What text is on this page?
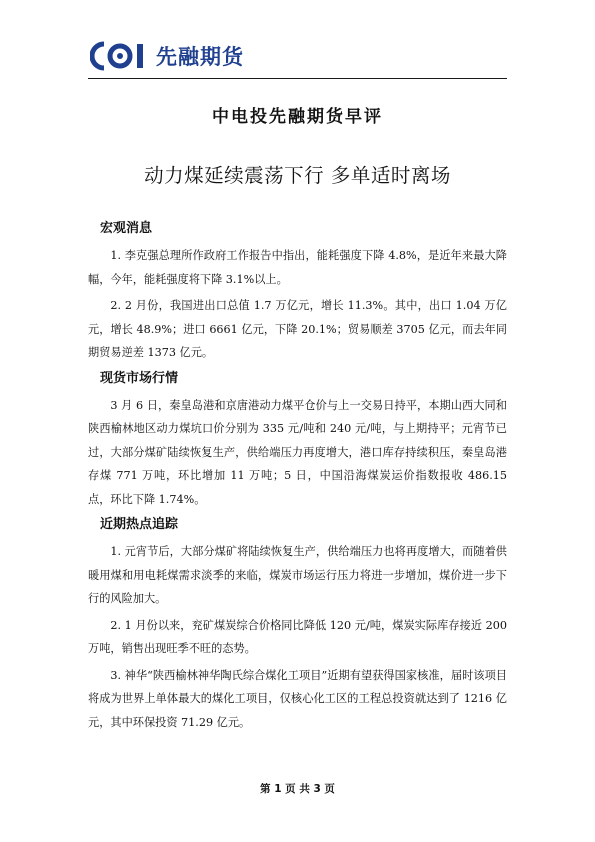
先融期货
中电投先融期货早评
动力煤延续震荡下行 多单适时离场
宏观消息

1. 李克强总理所作政府工作报告中指出，能耗强度下降 4.8%，是近年来最大降幅，今年，能耗强度将下降 3.1%以上。

2. 2 月份，我国进出口总值 1.7 万亿元，增长 11.3%。其中，出口 1.04 万亿元，增长 48.9%；进口 6661 亿元，下降 20.1%；贸易顺差 3705 亿元，而去年同期贸易逆差 1373 亿元。

现货市场行情

3 月 6 日，秦皇岛港和京唐港动力煤平仓价与上一交易日持平，本期山西大同和陕西榆林地区动力煤坑口价分别为 335 元/吨和 240 元/吨，与上期持平；元宵节已过，大部分煤矿陆续恢复生产，供给端压力再度增大，港口库存持续积压，秦皇岛港存煤 771 万吨，环比增加 11 万吨；5 日，中国沿海煤炭运价指数报收 486.15 点，环比下降 1.74%。

近期热点追踪

1. 元宵节后，大部分煤矿将陆续恢复生产，供给端压力也将再度增大，而随着供暖用煤和用电耗煤需求淡季的来临，煤炭市场运行压力将进一步增加，煤价进一步下行的风险加大。

2. 1 月份以来，兖矿煤炭综合价格同比降低 120 元/吨，煤炭实际库存接近 200 万吨，销售出现旺季不旺的态势。

3. 神华“陕西榆林神华陶氏综合煤化工项目”近期有望获得国家核准，届时该项目将成为世界上单体最大的煤化工项目，仅核心化工区的工程总投资就达到了 1216 亿元，其中环保投资 71.29 亿元。

第 1 页 共 3 页
